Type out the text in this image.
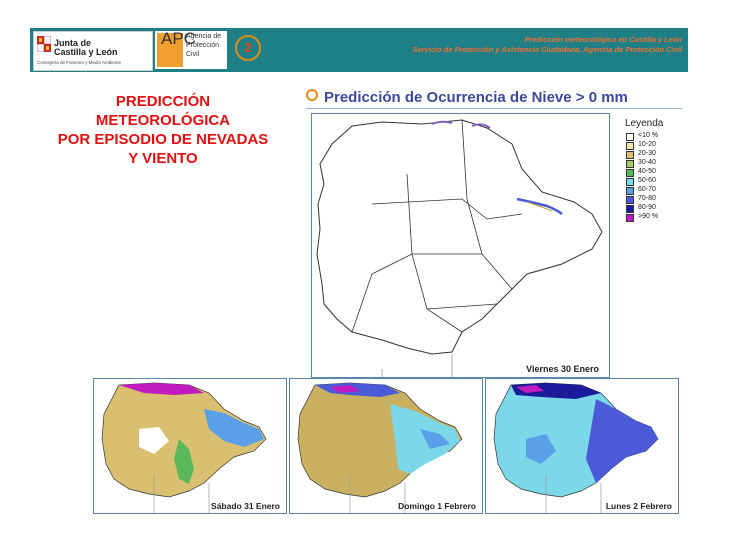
Junta de
Castilla y León
Consejería de Fomento y Medio Ambiente
APC
Agencia de
Protección
Civil	2
Predicción meteorológica en Castilla y León
Servicio de Protección y Asistencia Ciudadana. Agencia de Protección Civil
PREDICCIÓN
METEOROLÓGICA
POR EPISODIO DE NEVADAS
Y VIENTO
Predicción de Ocurrencia de Nieve > 0 mm
Viernes 30 Enero
Leyenda
<10 %
10-20
20-30
30-40
40-50
50-60
60-70
70-80
80-90
>90 %
Sábado 31 Enero	Domingo 1 Febrero	Lunes 2 Febrero
